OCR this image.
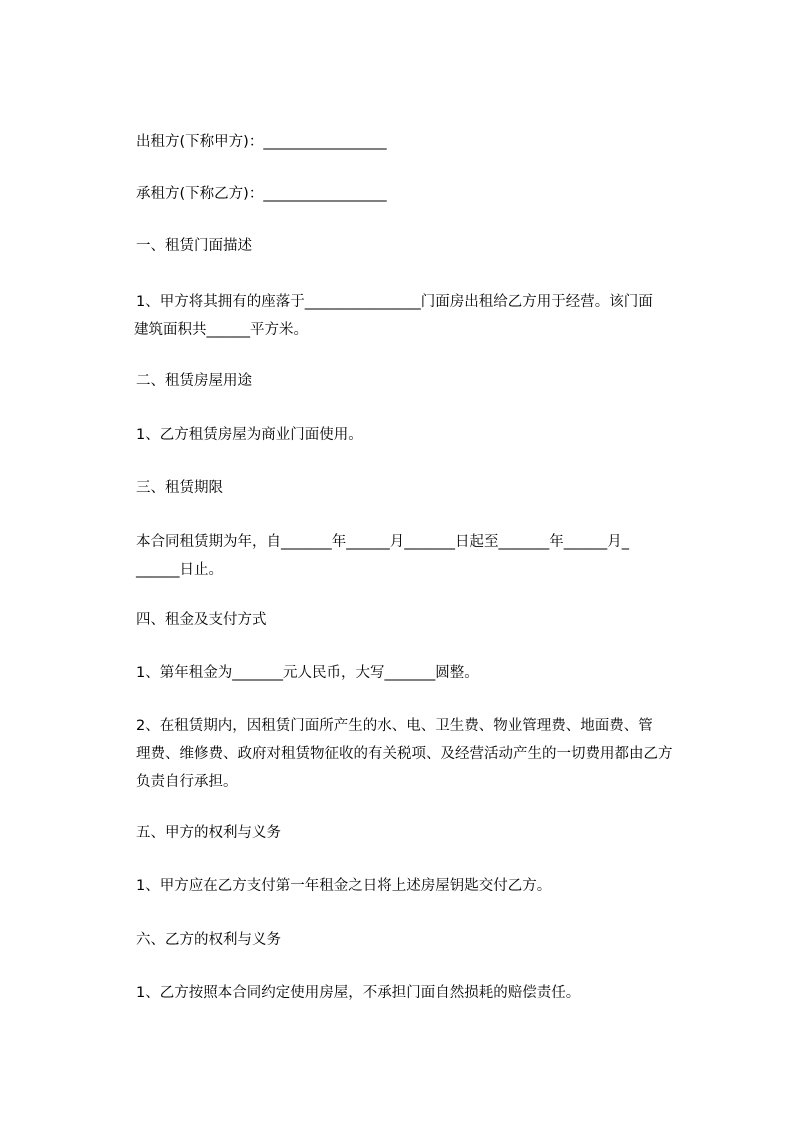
出租方(下称甲方)：_________________

承租方(下称乙方)：_________________

一、租赁门面描述

1、甲方将其拥有的座落于________________门面房出租给乙方用于经营。该门面
建筑面积共______平方米。

二、租赁房屋用途

1、乙方租赁房屋为商业门面使用。

三、租赁期限

本合同租赁期为年，自_______年______月_______日起至_______年______月_
______日止。

四、租金及支付方式

1、第年租金为_______元人民币，大写_______圆整。

2、在租赁期内，因租赁门面所产生的水、电、卫生费、物业管理费、地面费、管
理费、维修费、政府对租赁物征收的有关税项、及经营活动产生的一切费用都由乙方
负责自行承担。

五、甲方的权利与义务

1、甲方应在乙方支付第一年租金之日将上述房屋钥匙交付乙方。

六、乙方的权利与义务

1、乙方按照本合同约定使用房屋，不承担门面自然损耗的赔偿责任。
